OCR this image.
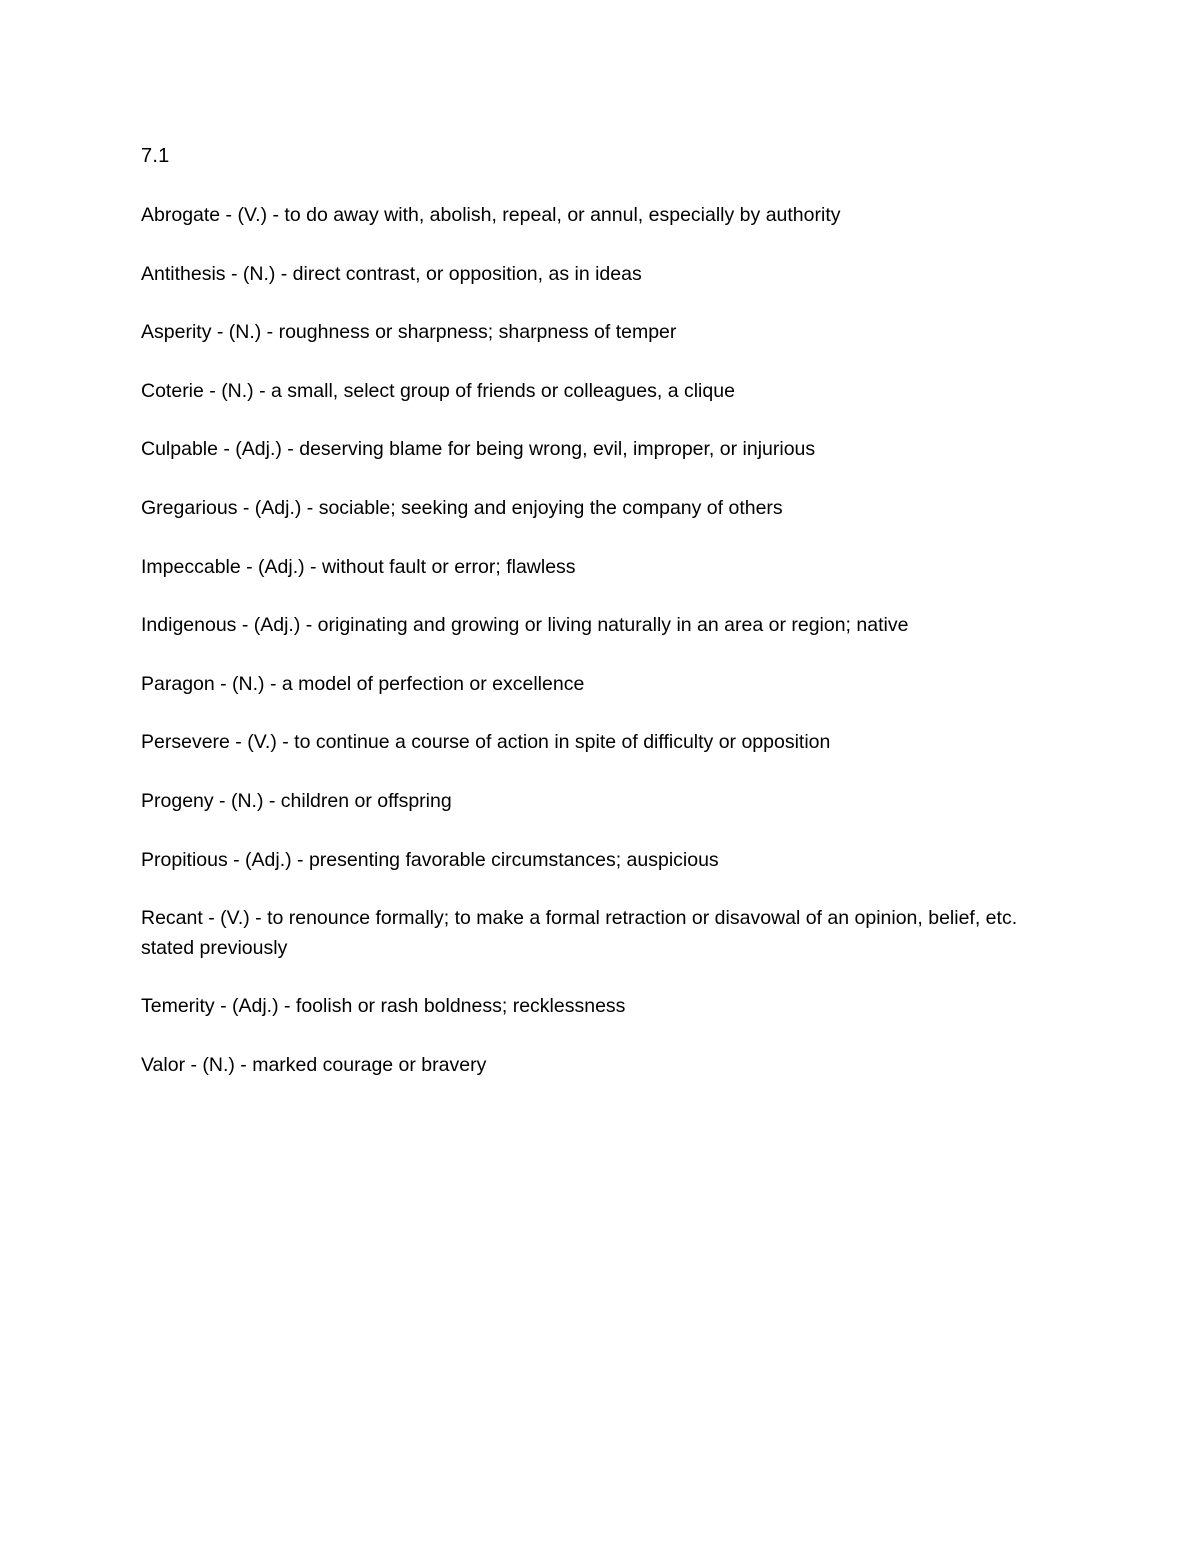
7.1
Abrogate - (V.) - to do away with, abolish, repeal, or annul, especially by authority
Antithesis - (N.) - direct contrast, or opposition, as in ideas
Asperity - (N.) - roughness or sharpness; sharpness of temper
Coterie - (N.) - a small, select group of friends or colleagues, a clique
Culpable - (Adj.) - deserving blame for being wrong, evil, improper, or injurious
Gregarious - (Adj.) - sociable; seeking and enjoying the company of others
Impeccable - (Adj.) - without fault or error; flawless
Indigenous - (Adj.) - originating and growing or living naturally in an area or region; native
Paragon - (N.) - a model of perfection or excellence
Persevere - (V.) - to continue a course of action in spite of difficulty or opposition
Progeny - (N.) - children or offspring
Propitious - (Adj.) - presenting favorable circumstances; auspicious
Recant - (V.) - to renounce formally; to make a formal retraction or disavowal of an opinion, belief, etc. stated previously
Temerity - (Adj.) - foolish or rash boldness; recklessness
Valor - (N.) - marked courage or bravery
